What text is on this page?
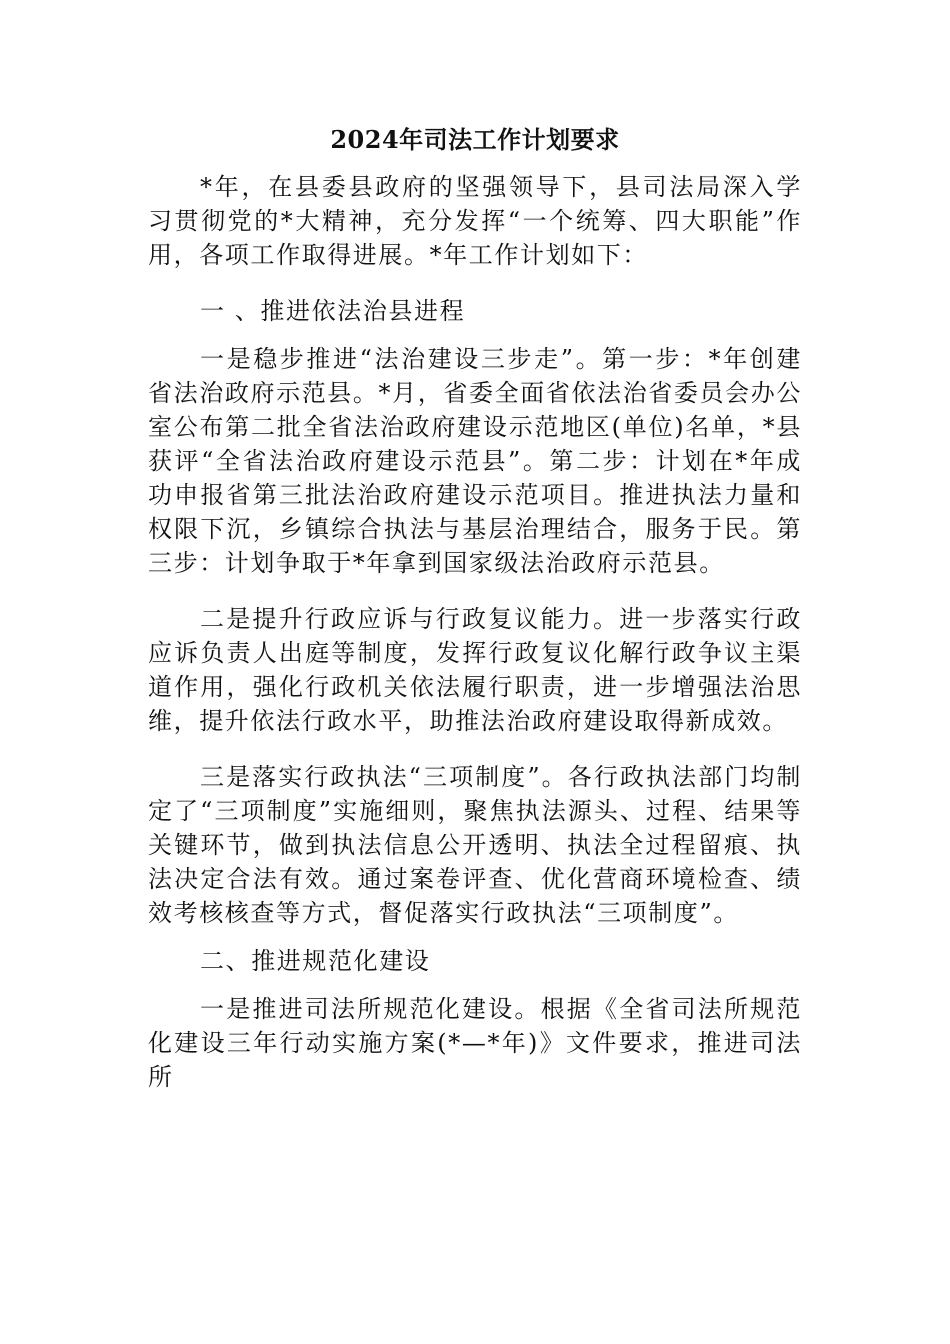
2024年司法工作计划要求

*年，在县委县政府的坚强领导下，县司法局深入学习贯彻党的*大精神，充分发挥“一个统筹、四大职能”作用，各项工作取得进展。*年工作计划如下：

一 、推进依法治县进程

一是稳步推进“法治建设三步走”。第一步：*年创建省法治政府示范县。*月，省委全面省依法治省委员会办公室公布第二批全省法治政府建设示范地区(单位)名单，*县获评“全省法治政府建设示范县”。第二步：计划在*年成功申报省第三批法治政府建设示范项目。推进执法力量和权限下沉，乡镇综合执法与基层治理结合，服务于民。第三步：计划争取于*年拿到国家级法治政府示范县。

二是提升行政应诉与行政复议能力。进一步落实行政应诉负责人出庭等制度，发挥行政复议化解行政争议主渠道作用，强化行政机关依法履行职责，进一步增强法治思维，提升依法行政水平，助推法治政府建设取得新成效。

三是落实行政执法“三项制度”。各行政执法部门均制定了“三项制度”实施细则，聚焦执法源头、过程、结果等关键环节，做到执法信息公开透明、执法全过程留痕、执法决定合法有效。通过案卷评查、优化营商环境检查、绩效考核核查等方式，督促落实行政执法“三项制度”。

二、推进规范化建设

一是推进司法所规范化建设。根据《全省司法所规范化建设三年行动实施方案(*—*年)》文件要求，推进司法所
